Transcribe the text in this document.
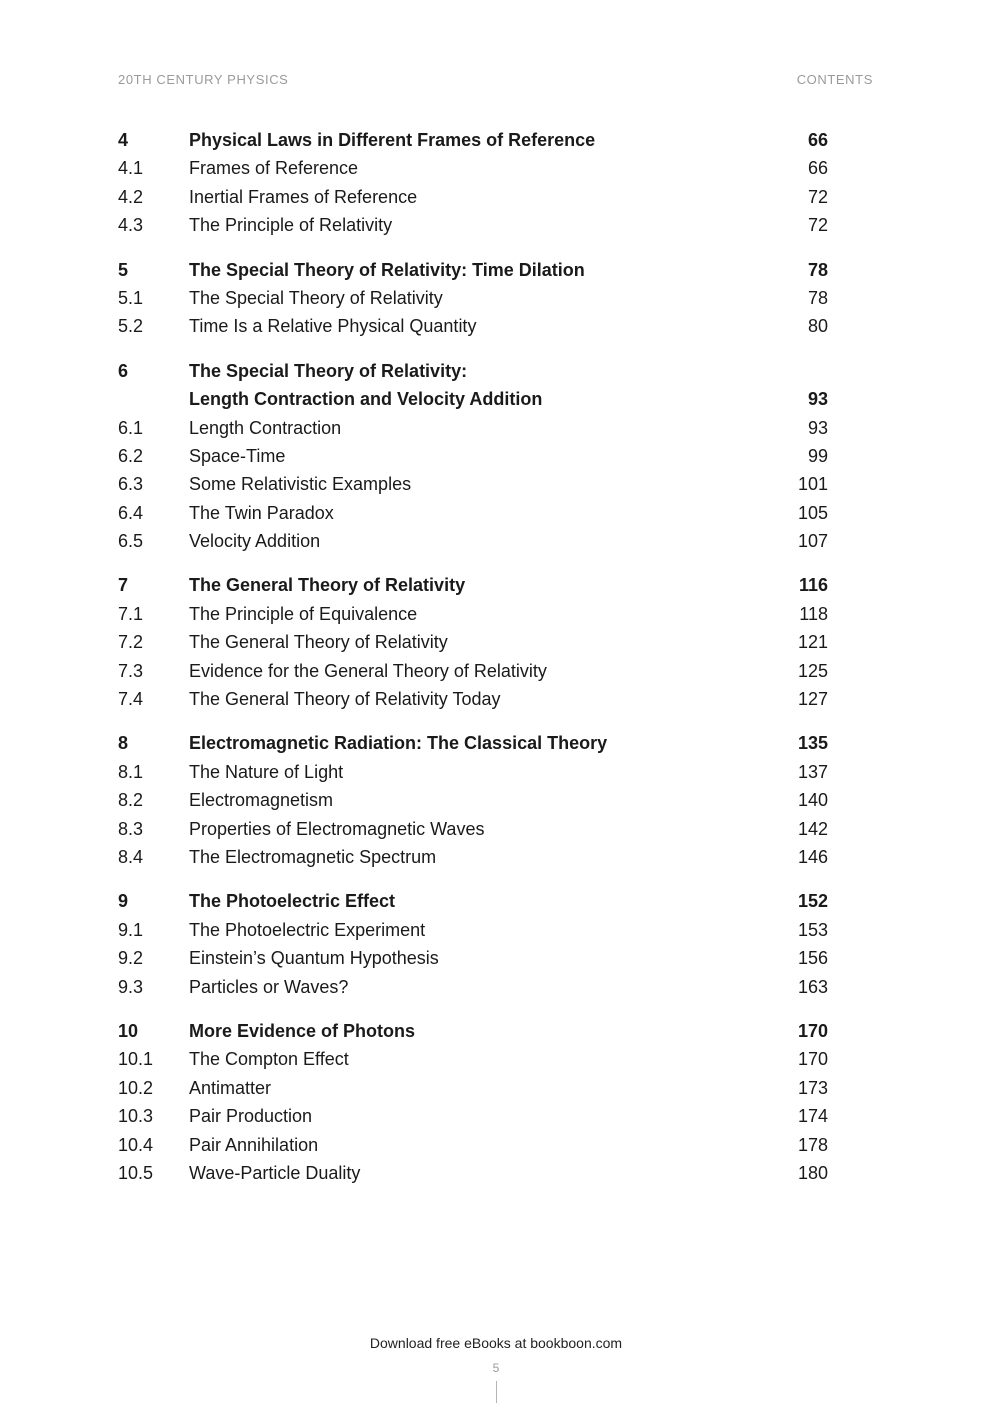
20TH CENTURY PHYSICS	CONTENTS
4	Physical Laws in Different Frames of Reference	66
4.1	Frames of Reference	66
4.2	Inertial Frames of Reference	72
4.3	The Principle of Relativity	72
5	The Special Theory of Relativity: Time Dilation	78
5.1	The Special Theory of Relativity	78
5.2	Time Is a Relative Physical Quantity	80
6	The Special Theory of Relativity:
Length Contraction and Velocity Addition	93
6.1	Length Contraction	93
6.2	Space-Time	99
6.3	Some Relativistic Examples	101
6.4	The Twin Paradox	105
6.5	Velocity Addition	107
7	The General Theory of Relativity	116
7.1	The Principle of Equivalence	118
7.2	The General Theory of Relativity	121
7.3	Evidence for the General Theory of Relativity	125
7.4	The General Theory of Relativity Today	127
8	Electromagnetic Radiation: The Classical Theory	135
8.1	The Nature of Light	137
8.2	Electromagnetism	140
8.3	Properties of Electromagnetic Waves	142
8.4	The Electromagnetic Spectrum	146
9	The Photoelectric Effect	152
9.1	The Photoelectric Experiment	153
9.2	Einstein’s Quantum Hypothesis	156
9.3	Particles or Waves?	163
10	More Evidence of Photons	170
10.1 The Compton Effect	170
10.2 Antimatter	173
10.3 Pair Production	174
10.4 Pair Annihilation	178
10.5 Wave-Particle Duality	180
Download free eBooks at bookboon.com
5
